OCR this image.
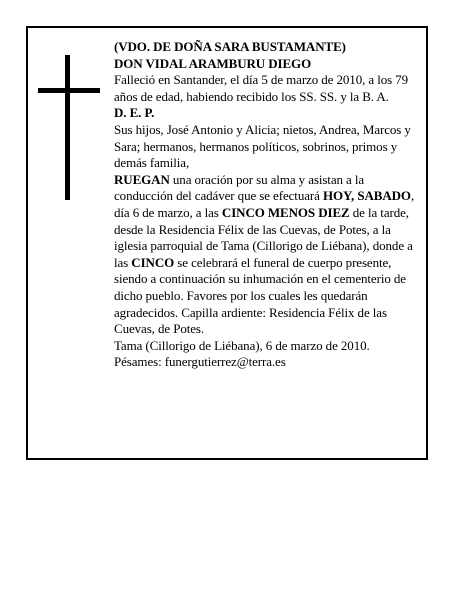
(VDO. DE DOÑA SARA BUSTAMANTE)

DON VIDAL ARAMBURU DIEGO

Falleció en Santander, el día 5 de marzo de 2010, a los 79 años de edad, habiendo recibido los SS. SS. y la B. A.

D. E. P.

Sus hijos, José Antonio y Alicia; nietos, Andrea, Marcos y Sara; hermanos, hermanos políticos, sobrinos, primos y demás familia,

RUEGAN una oración por su alma y asistan a la conducción del cadáver que se efectuará HOY, SABADO, día 6 de marzo, a las CINCO MENOS DIEZ de la tarde, desde la Residencia Félix de las Cuevas, de Potes, a la iglesia parroquial de Tama (Cillorigo de Liébana), donde a las CINCO se celebrará el funeral de cuerpo presente, siendo a continuación su inhumación en el cementerio de dicho pueblo. Favores por los cuales les quedarán agradecidos. Capilla ardiente: Residencia Félix de las Cuevas, de Potes.

Tama (Cillorigo de Liébana), 6 de marzo de 2010.

Pésames: funergutierrez@terra.es
